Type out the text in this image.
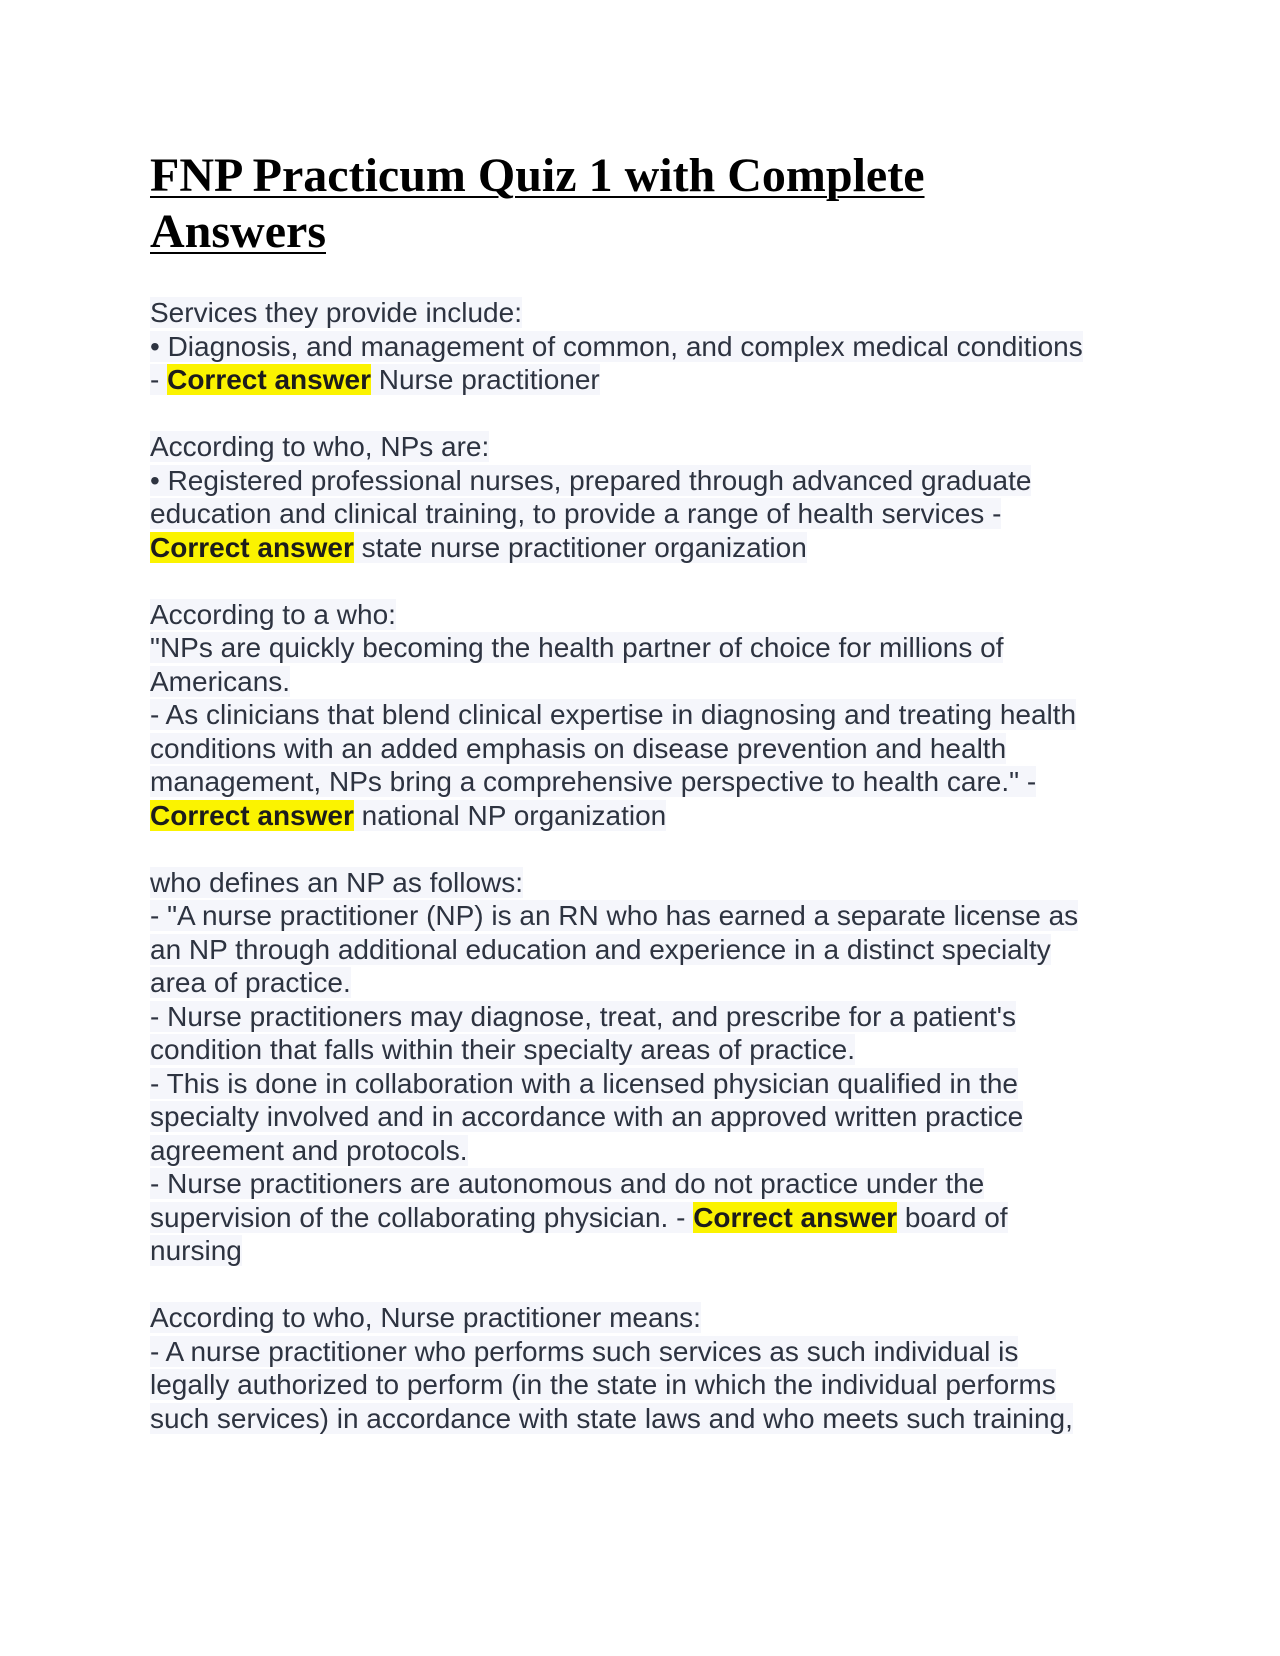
FNP Practicum Quiz 1 with Complete
Answers
Services they provide include:
• Diagnosis, and management of common, and complex medical conditions
- Correct answer Nurse practitioner
According to who, NPs are:
• Registered professional nurses, prepared through advanced graduate
education and clinical training, to provide a range of health services -
Correct answer state nurse practitioner organization
According to a who:
"NPs are quickly becoming the health partner of choice for millions of
Americans.
- As clinicians that blend clinical expertise in diagnosing and treating health
conditions with an added emphasis on disease prevention and health
management, NPs bring a comprehensive perspective to health care." -
Correct answer national NP organization
who defines an NP as follows:
- "A nurse practitioner (NP) is an RN who has earned a separate license as
an NP through additional education and experience in a distinct specialty
area of practice.
- Nurse practitioners may diagnose, treat, and prescribe for a patient's
condition that falls within their specialty areas of practice.
- This is done in collaboration with a licensed physician qualified in the
specialty involved and in accordance with an approved written practice
agreement and protocols.
- Nurse practitioners are autonomous and do not practice under the
supervision of the collaborating physician. - Correct answer board of
nursing
According to who, Nurse practitioner means:
- A nurse practitioner who performs such services as such individual is
legally authorized to perform (in the state in which the individual performs
such services) in accordance with state laws and who meets such training,
